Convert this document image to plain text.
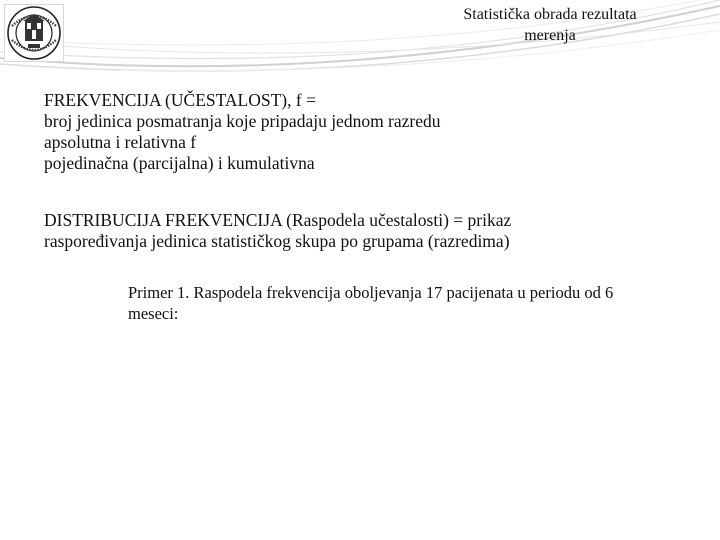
Statistička obrada rezultata
merenja
FREKVENCIJA (UČESTALOST), f =
broj jedinica posmatranja koje pripadaju jednom razredu
apsolutna i relativna f
pojedinačna (parcijalna) i kumulativna
DISTRIBUCIJA FREKVENCIJA (Raspodela učestalosti) = prikaz
raspoređivanja jedinica statističkog skupa po grupama (razredima)
Primer 1. Raspodela frekvencija oboljevanja 17 pacijenata u periodu od 6
meseci:
